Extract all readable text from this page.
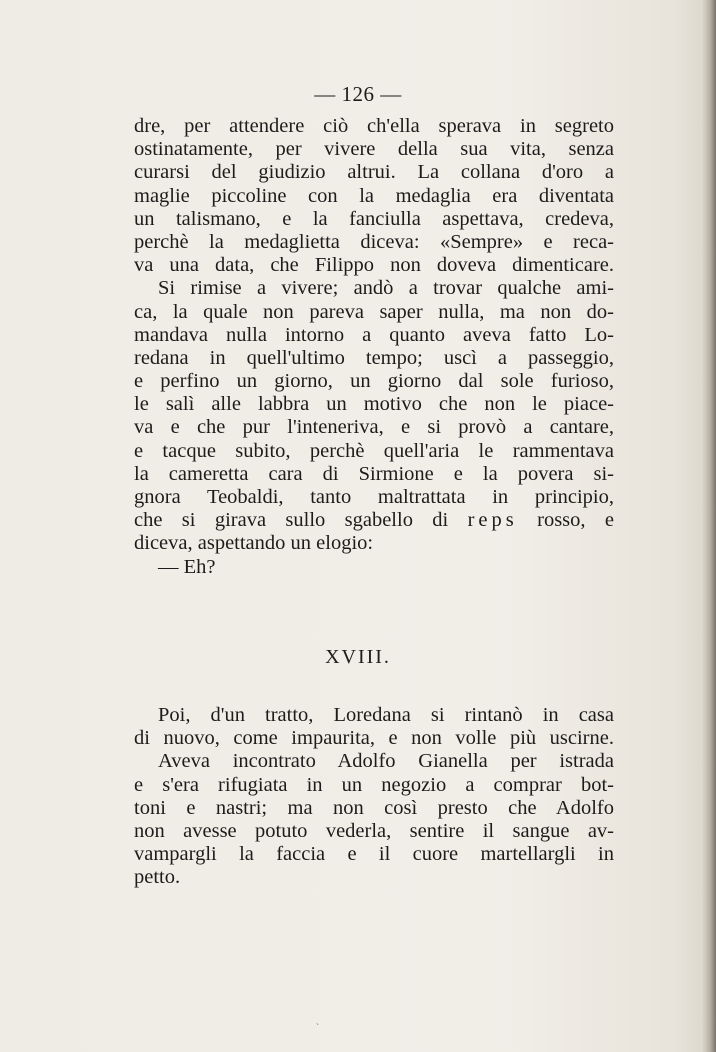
— 126 —
dre, per attendere ciò ch'ella sperava in segreto
ostinatamente, per vivere della sua vita, senza
curarsi del giudizio altrui. La collana d'oro a
maglie piccoline con la medaglia era diventata
un talismano, e la fanciulla aspettava, credeva,
perchè la medaglietta diceva: «Sempre» e reca-
va una data, che Filippo non doveva dimenticare.
Si rimise a vivere; andò a trovar qualche ami-
ca, la quale non pareva saper nulla, ma non do-
mandava nulla intorno a quanto aveva fatto Lo-
redana in quell'ultimo tempo; uscì a passeggio,
e perfino un giorno, un giorno dal sole furioso,
le salì alle labbra un motivo che non le piace-
va e che pur l'inteneriva, e si provò a cantare,
e tacque subito, perchè quell'aria le rammentava
la cameretta cara di Sirmione e la povera si-
gnora Teobaldi, tanto maltrattata in principio,
che si girava sullo sgabello di reps rosso, e
diceva, aspettando un elogio:
— Eh?
XVIII.
Poi, d'un tratto, Loredana si rintanò in casa
di nuovo, come impaurita, e non volle più uscirne.
Aveva incontrato Adolfo Gianella per istrada
e s'era rifugiata in un negozio a comprar bot-
toni e nastri; ma non così presto che Adolfo
non avesse potuto vederla, sentire il sangue av-
vampargli la faccia e il cuore martellargli in
petto.
˴
